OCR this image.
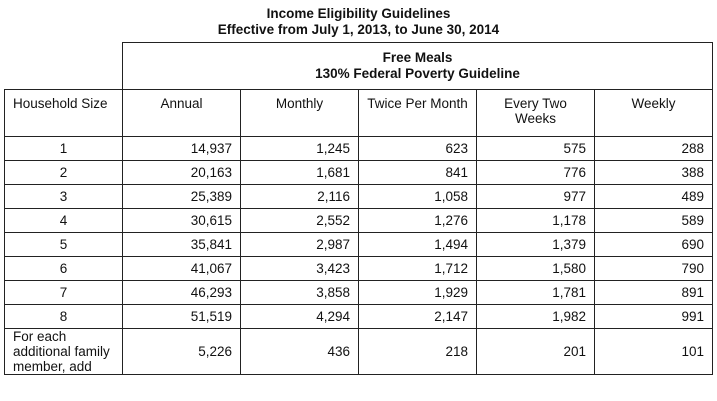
Income Eligibility Guidelines
Effective from July 1, 2013, to June 30, 2014

	Free Meals
130% Federal Poverty Guideline				

Household Size	Annual	Monthly	Twice Per Month	Every Two Weeks	Weekly
1	14,937	1,245	623	575	288
2	20,163	1,681	841	776	388
3	25,389	2,116	1,058	977	489
4	30,615	2,552	1,276	1,178	589
5	35,841	2,987	1,494	1,379	690
6	41,067	3,423	1,712	1,580	790
7	46,293	3,858	1,929	1,781	891
8	51,519	4,294	2,147	1,982	991
For each additional family member, add	5,226	436	218	201	101
